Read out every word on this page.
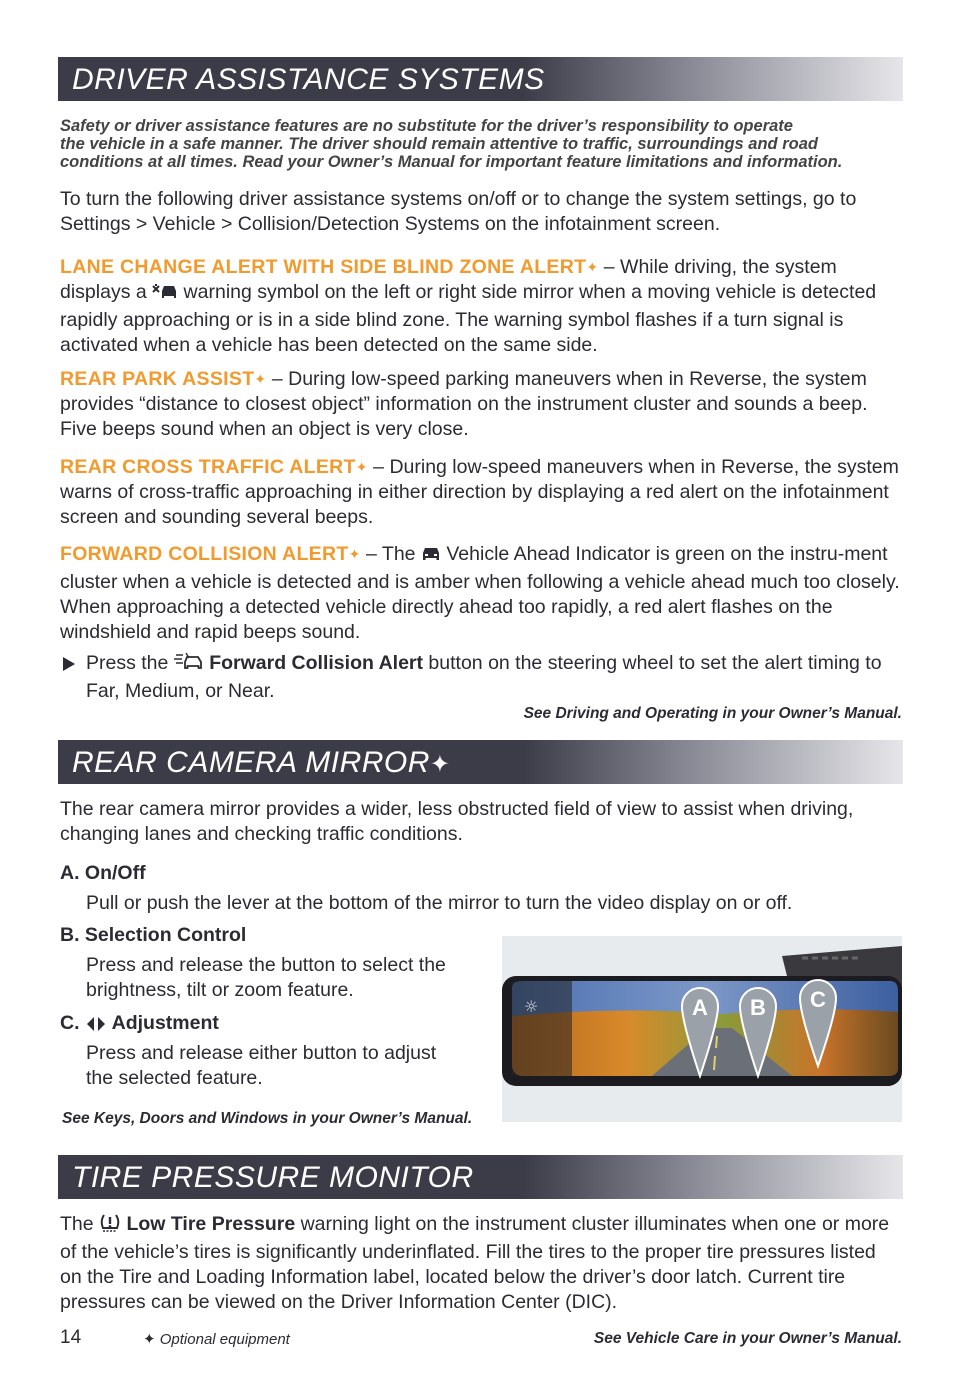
DRIVER ASSISTANCE SYSTEMS
Safety or driver assistance features are no substitute for the driver’s responsibility to operate
the vehicle in a safe manner. The driver should remain attentive to traffic, surroundings and road
conditions at all times. Read your Owner’s Manual for important feature limitations and information.

To turn the following driver assistance systems on/off or to change the system settings, go to Settings > Vehicle > Collision/Detection Systems on the infotainment screen.

LANE CHANGE ALERT WITH SIDE BLIND ZONE ALERT✦ – While driving, the system displays a  warning symbol on the left or right side mirror when a moving vehicle is detected rapidly approaching or is in a side blind zone. The warning symbol flashes if a turn signal is activated when a vehicle has been detected on the same side.

REAR PARK ASSIST✦ – During low-speed parking maneuvers when in Reverse, the system provides “distance to closest object” information on the instrument cluster and sounds a beep. Five beeps sound when an object is very close.

REAR CROSS TRAFFIC ALERT✦ – During low-speed maneuvers when in Reverse, the system warns of cross-traffic approaching in either direction by displaying a red alert on the infotainment screen and sounding several beeps.

FORWARD COLLISION ALERT✦ – The  Vehicle Ahead Indicator is green on the instru-ment cluster when a vehicle is detected and is amber when following a vehicle ahead much too closely. When approaching a detected vehicle directly ahead too rapidly, a red alert flashes on the windshield and rapid beeps sound.

Press the  Forward Collision Alert button on the steering wheel to set the alert timing to Far, Medium, or Near.

See Driving and Operating in your Owner’s Manual.
REAR CAMERA MIRROR✦

The rear camera mirror provides a wider, less obstructed field of view to assist when driving, changing lanes and checking traffic conditions.

A. On/Off
Pull or push the lever at the bottom of the mirror to turn the video display on or off.
B. Selection Control
Press and release the button to select the brightness, tilt or zoom feature.
C. Adjustment
Press and release either button to adjust the selected feature.
See Keys, Doors and Windows in your Owner’s Manual.
☼	A B C
TIRE PRESSURE MONITOR

The  Low Tire Pressure warning light on the instrument cluster illuminates when one or more of the vehicle’s tires is significantly underinflated. Fill the tires to the proper tire pressures listed on the Tire and Loading Information label, located below the driver’s door latch. Current tire pressures can be viewed on the Driver Information Center (DIC).

14	✦ Optional equipment	See Vehicle Care in your Owner’s Manual.
